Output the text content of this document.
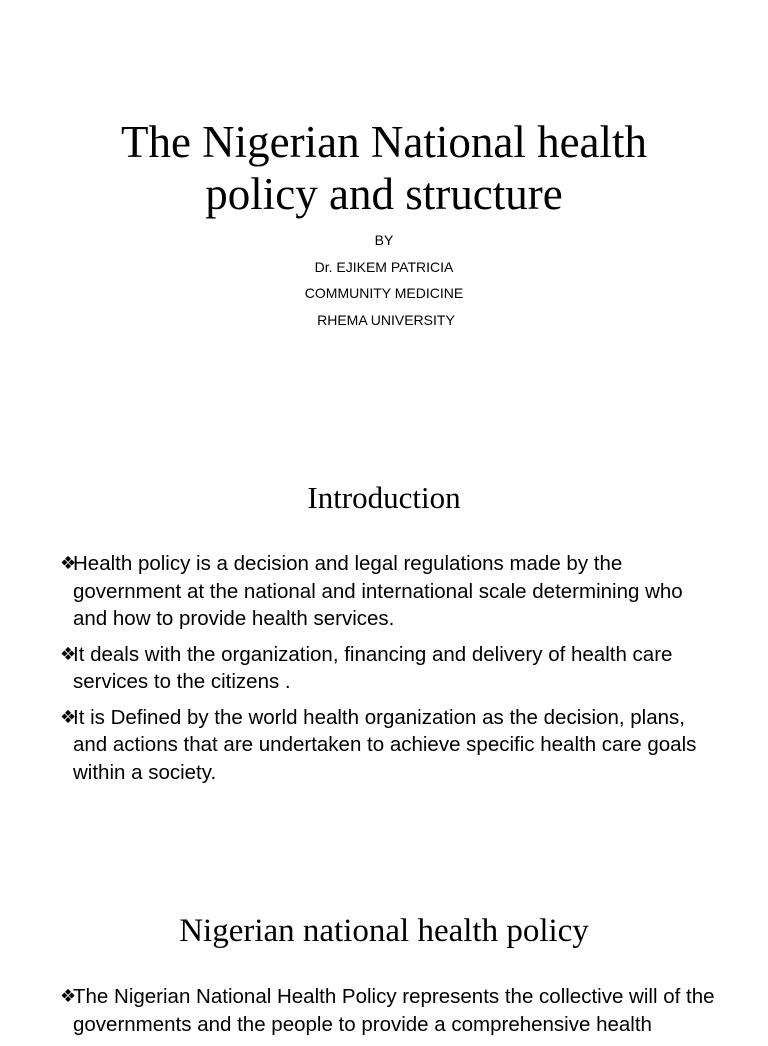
The Nigerian National health
policy and structure
BY
Dr. EJIKEM PATRICIA
COMMUNITY MEDICINE
RHEMA UNIVERSITY
Introduction
❖
Health policy is a decision and legal regulations made by the government at the national and international scale determining who and how to provide health services.
❖
It deals with the organization, financing and delivery of health care services to the citizens .
❖
It is Defined by the world health organization as the decision, plans, and actions that are undertaken to achieve specific health care goals within a society.
Nigerian national health policy
❖
The Nigerian National Health Policy represents the collective will of the governments and the people to provide a comprehensive health
